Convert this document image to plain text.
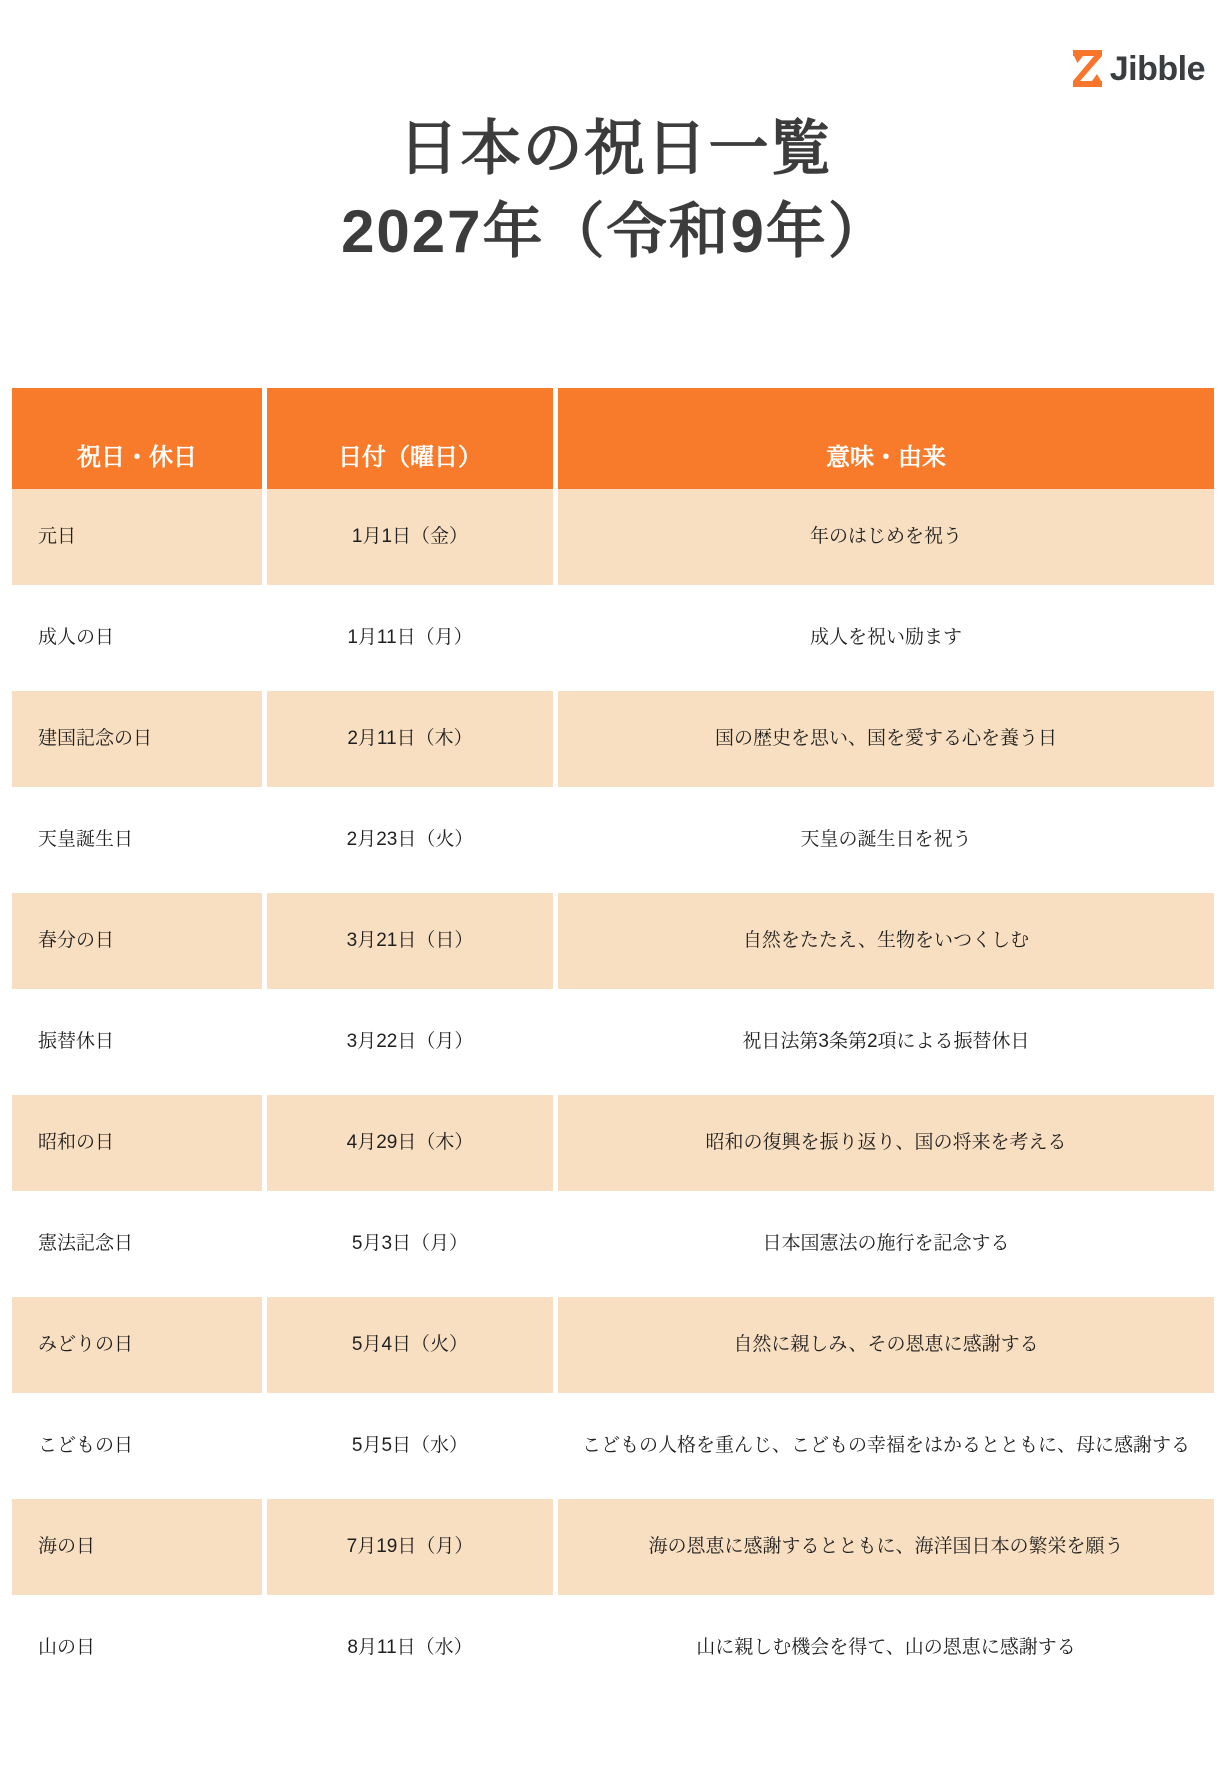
Jibble
日本の祝日一覧
2027年（令和9年）
祝日・休日	日付（曜日）	意味・由来
元日	1月1日（金）	年のはじめを祝う
成人の日	1月11日（月）	成人を祝い励ます
建国記念の日	2月11日（木）	国の歴史を思い、国を愛する心を養う日
天皇誕生日	2月23日（火）	天皇の誕生日を祝う
春分の日	3月21日（日）	自然をたたえ、生物をいつくしむ
振替休日	3月22日（月）	祝日法第3条第2項による振替休日
昭和の日	4月29日（木）	昭和の復興を振り返り、国の将来を考える
憲法記念日	5月3日（月）	日本国憲法の施行を記念する
みどりの日	5月4日（火）	自然に親しみ、その恩恵に感謝する
こどもの日	5月5日（水）	こどもの人格を重んじ、こどもの幸福をはかるとともに、母に感謝する
海の日	7月19日（月）	海の恩恵に感謝するとともに、海洋国日本の繁栄を願う
山の日	8月11日（水）	山に親しむ機会を得て、山の恩恵に感謝する
